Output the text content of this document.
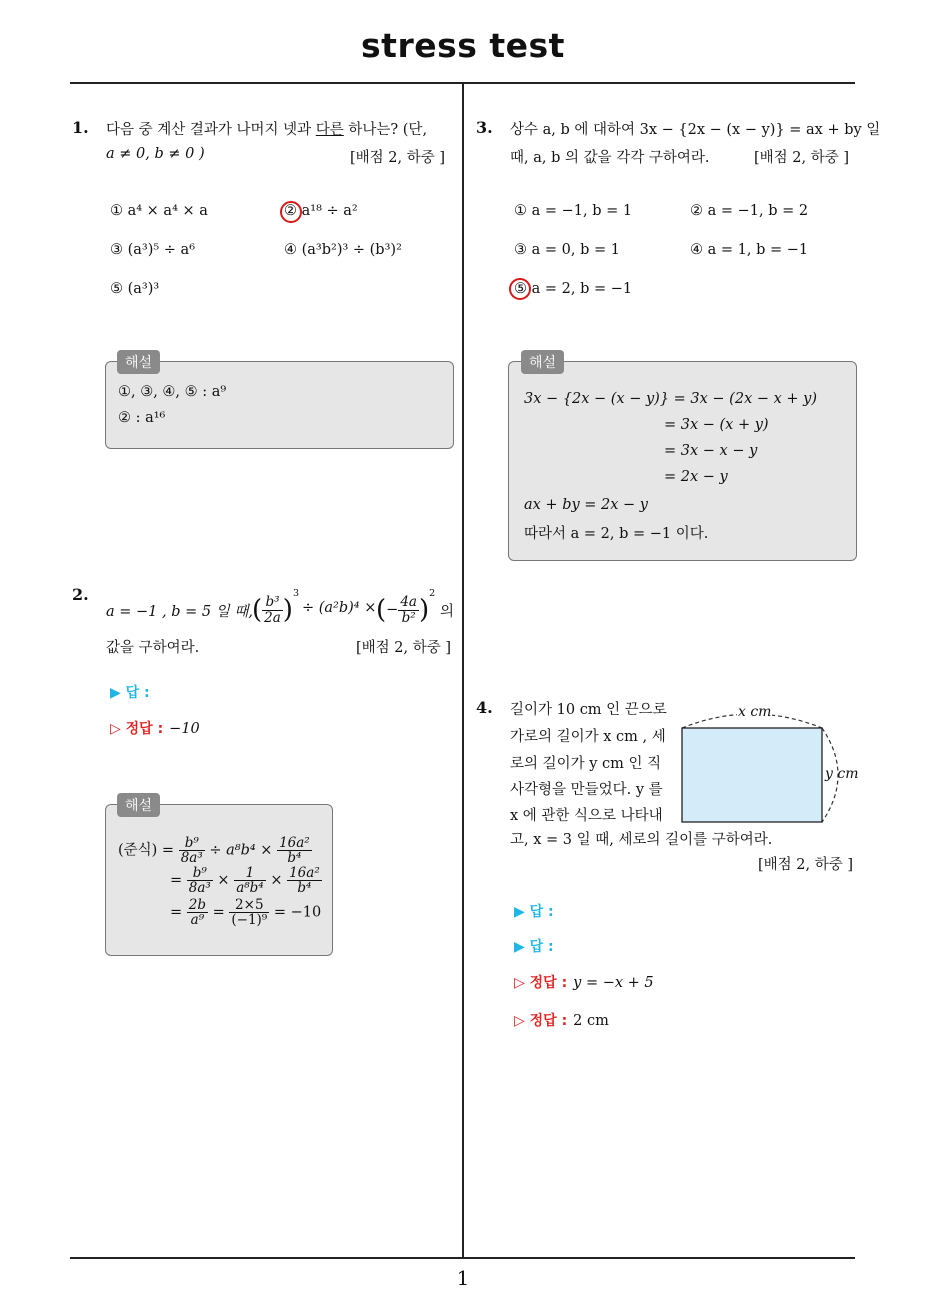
stress test
1
1. 다음 중 계산 결과가 나머지 넷과 다른 하나는? (단,
a ≠ 0, b ≠ 0 )	[배점 2, 하중 ]
① a⁴ × a⁴ × a	② a¹⁸ ÷ a²
③ (a³)⁵ ÷ a⁶	④ (a³b²)³ ÷ (b³)²
⑤ (a³)³
해설
①, ③, ④, ⑤ : a⁹
② : a¹⁶
2.
a = −1 , b = 5 일 때, ( $\frac{\text{b³}}{2a} )^3$
÷ (a²b)⁴ × (− $\frac{4a}{\text{b²}} )^2$
의
값을 구하여라.	[배점 2, 하중 ]
▶ 답 :
▷ 정답 : −10
해설
(준식) = $\frac{\text{b⁹}}{\text{8a³}} \div a^8b^4 \times \frac{\text{16a²}}{\text{b⁴}}$
= $\frac{\text{b⁹}}{\text{8a³}} \times \frac{1}{\text{a⁸b⁴}} \times \frac{\text{16a²}}{\text{b⁴}}$
= $\frac{2b}{\text{a⁹}} = \frac{2\times 5}{\text{(−1)⁹}} = -10$
3. 상수 a, b 에 대하여 3x − {2x − (x − y)} = ax + by 일
때, a, b 의 값을 각각 구하여라.	[배점 2, 하중 ]
① a = −1, b = 1	② a = −1, b = 2
③ a = 0, b = 1	④ a = 1, b = −1
⑤ a = 2, b = −1
해설
3x − {2x − (x − y)} = 3x − (2x − x + y)
= 3x − (x + y)
= 3x − x − y
= 2x − y
ax + by = 2x − y
따라서 a = 2, b = −1 이다.
4. 길이가 10 cm 인 끈으로
가로의 길이가 x cm , 세
로의 길이가 y cm 인 직
사각형을 만들었다. y 를
x 에 관한 식으로 나타내
고, x = 3 일 때, 세로의 길이를 구하여라.
[배점 2, 하중 ]
x cm
y cm
▶ 답 :
▶ 답 :
▷ 정답 : y = −x + 5
▷ 정답 : 2 cm
